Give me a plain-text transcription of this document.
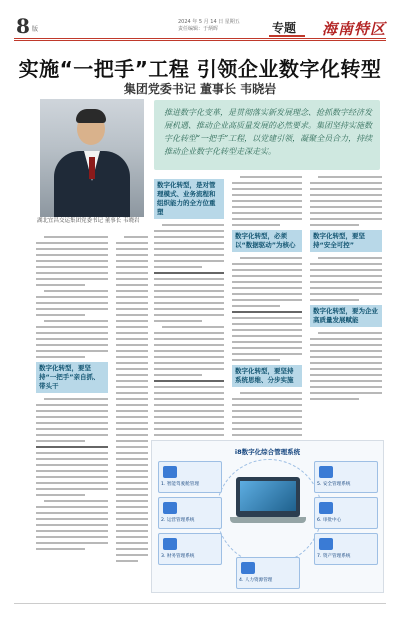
8 版
2024 年 5 月 14 日 星期五
责任编辑：于炳晖	专题 海南特区
实施“一把手”工程 引领企业数字化转型
集团党委书记 董事长 韦晓岩
湖北宜昌交运集团党委书记 董事长 韦晓岩
推进数字化变革，是贯彻落实新发展理念、抢抓数字经济发展机遇、推动企业高质量发展的必然要求。集团坚持实施数字化转型“一把手”工程，以党建引领，凝聚全员合力，持续推动企业数字化转型走深走实。
数字化转型，要坚持“一把手”亲自抓、带头干
数字化转型，是对管理模式、业务流程和组织能力的全方位重塑
数字化转型，必须以“数据驱动”为核心
数字化转型，要坚持系统思维、分步实施
数字化转型，要坚持“安全可控”
数字化转型，要为企业高质量发展赋能
i8数字化综合管理系统
1. 智能驾驶舱管理
2. 运营管理系统
3. 财务管理系统
4. 人力资源管理
5. 安全管理系统
6. 审批中心
7. 资产管理系统
